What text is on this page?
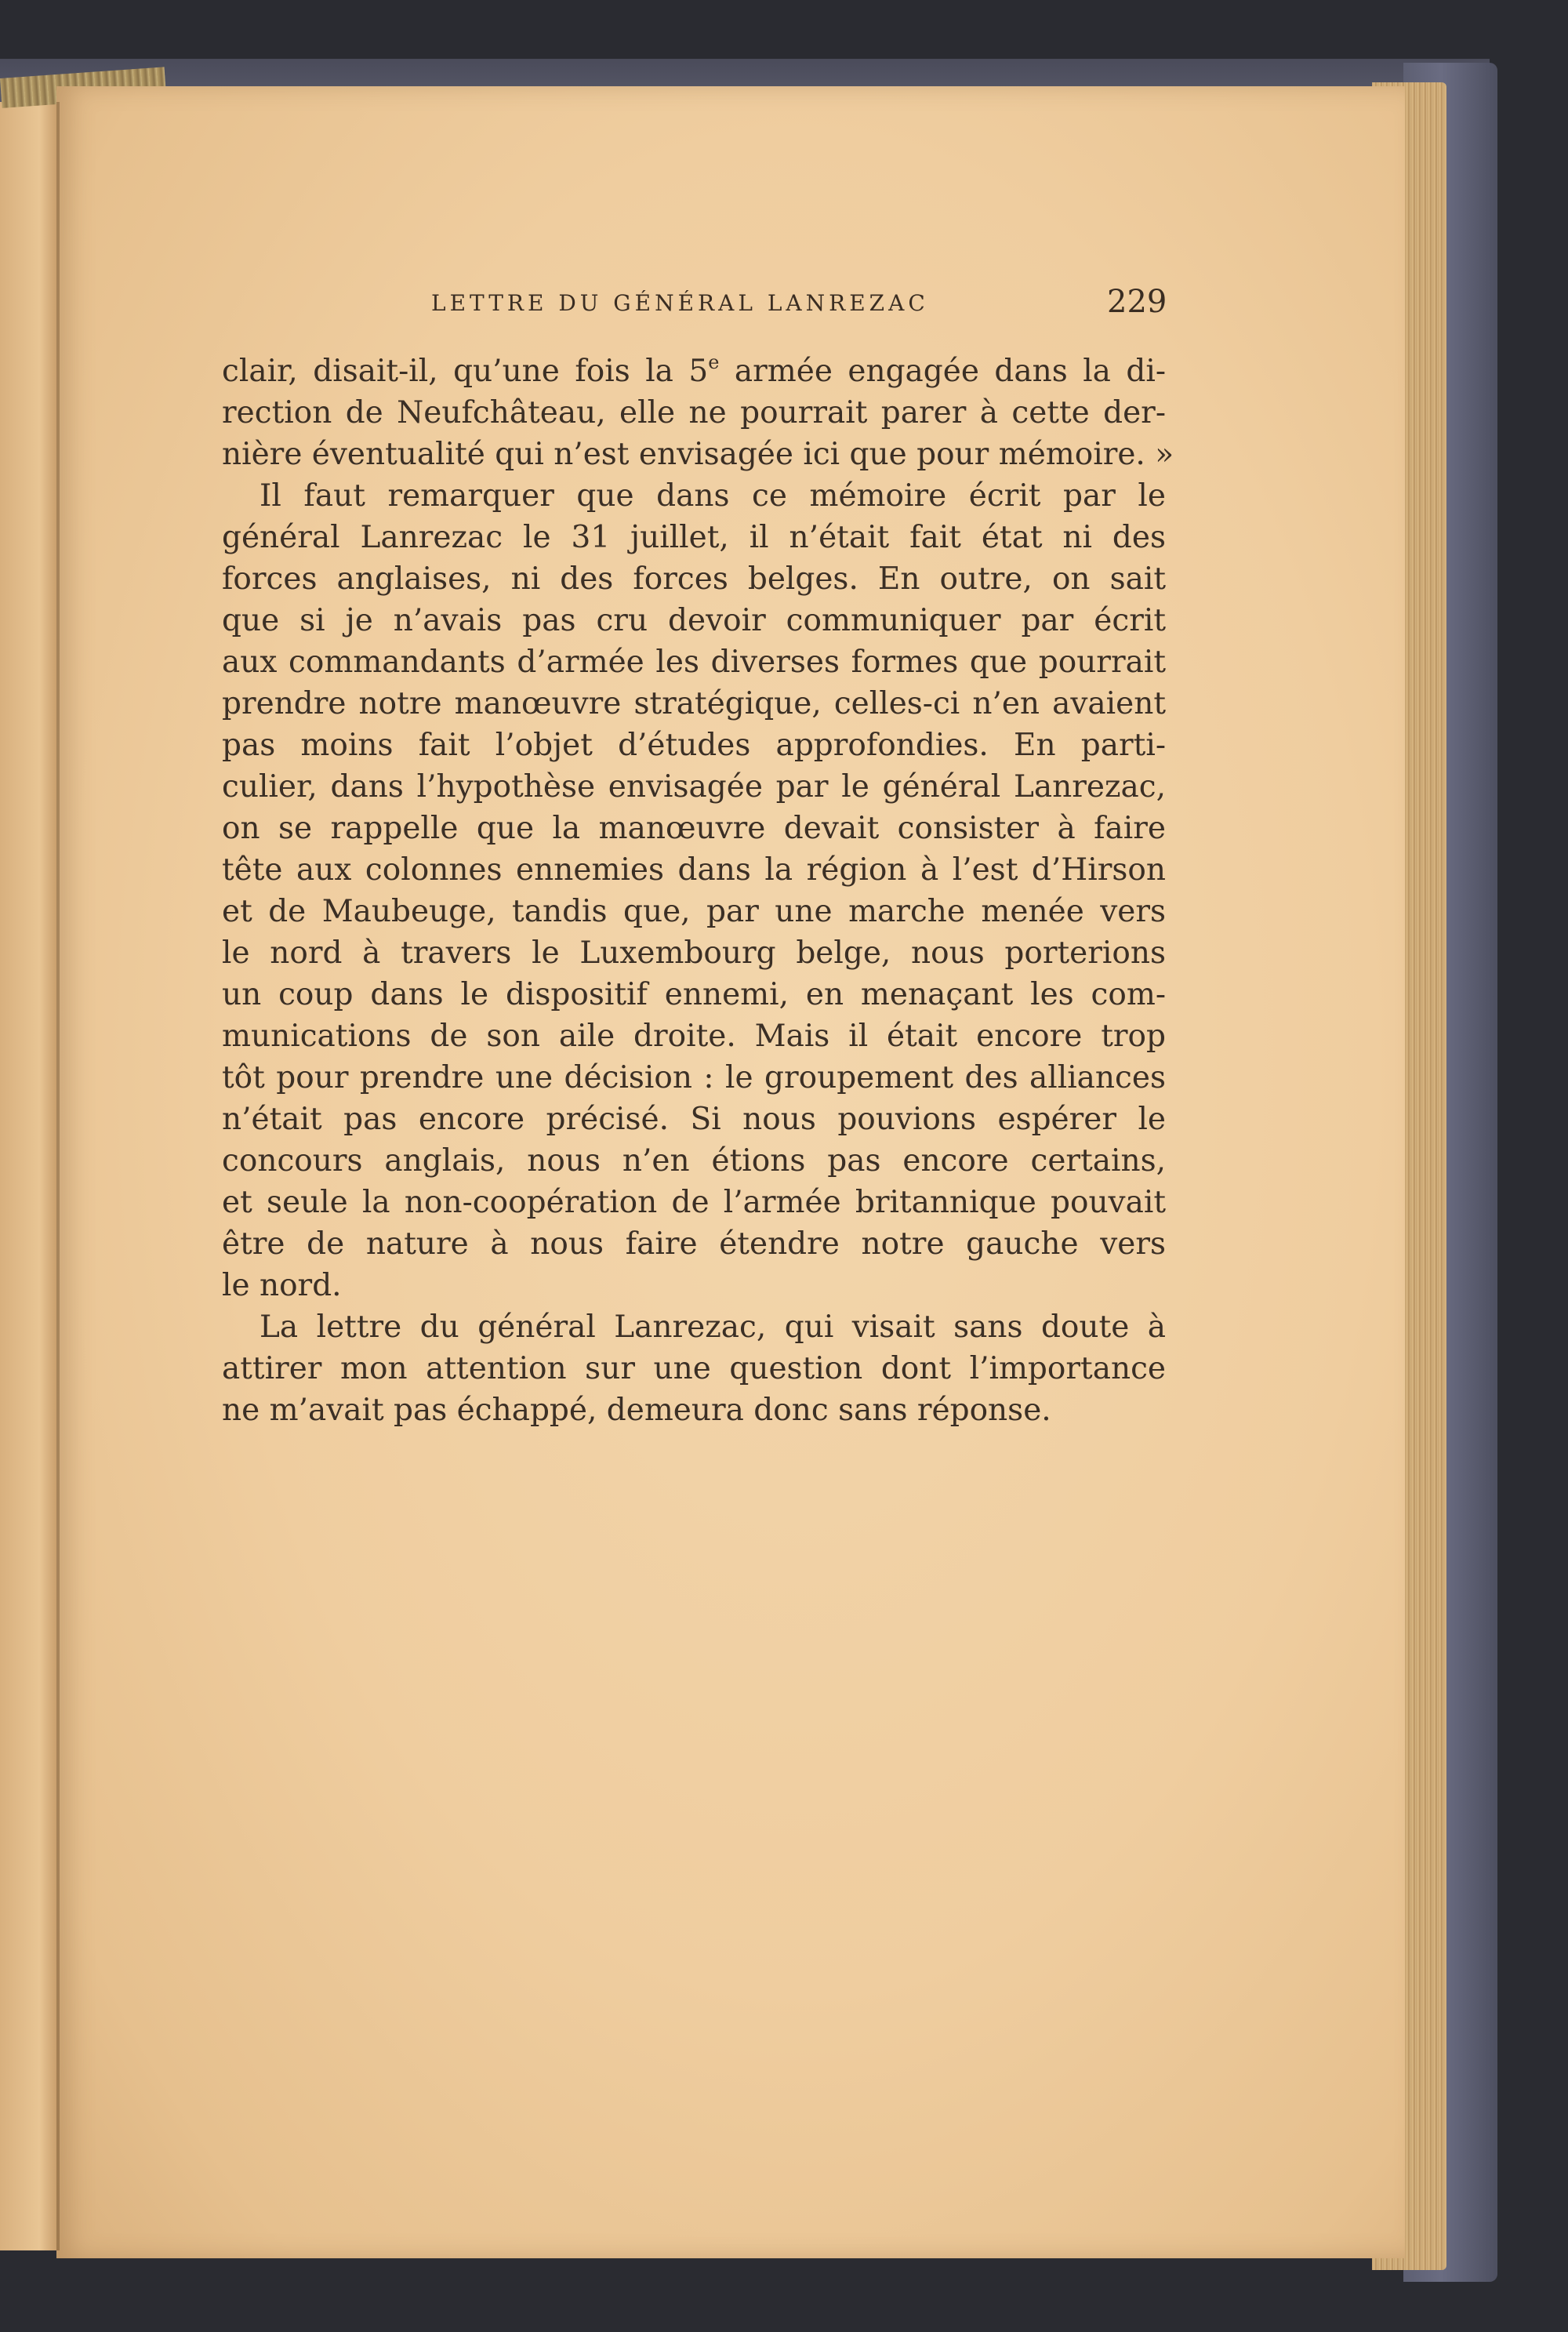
LETTRE DU GÉNÉRAL LANREZAC	229
clair, disait-il, qu’une fois la 5e armée engagée dans la di-
rection de Neufchâteau, elle ne pourrait parer à cette der-
nière éventualité qui n’est envisagée ici que pour mémoire. »
Il faut remarquer que dans ce mémoire écrit par le
général Lanrezac le 31 juillet, il n’était fait état ni des
forces anglaises, ni des forces belges. En outre, on sait
que si je n’avais pas cru devoir communiquer par écrit
aux commandants d’armée les diverses formes que pourrait
prendre notre manœuvre stratégique, celles-ci n’en avaient
pas moins fait l’objet d’études approfondies. En parti-
culier, dans l’hypothèse envisagée par le général Lanrezac,
on se rappelle que la manœuvre devait consister à faire
tête aux colonnes ennemies dans la région à l’est d’Hirson
et de Maubeuge, tandis que, par une marche menée vers
le nord à travers le Luxembourg belge, nous porterions
un coup dans le dispositif ennemi, en menaçant les com-
munications de son aile droite. Mais il était encore trop
tôt pour prendre une décision : le groupement des alliances
n’était pas encore précisé. Si nous pouvions espérer le
concours anglais, nous n’en étions pas encore certains,
et seule la non-coopération de l’armée britannique pouvait
être de nature à nous faire étendre notre gauche vers
le nord.
La lettre du général Lanrezac, qui visait sans doute à
attirer mon attention sur une question dont l’importance
ne m’avait pas échappé, demeura donc sans réponse.
